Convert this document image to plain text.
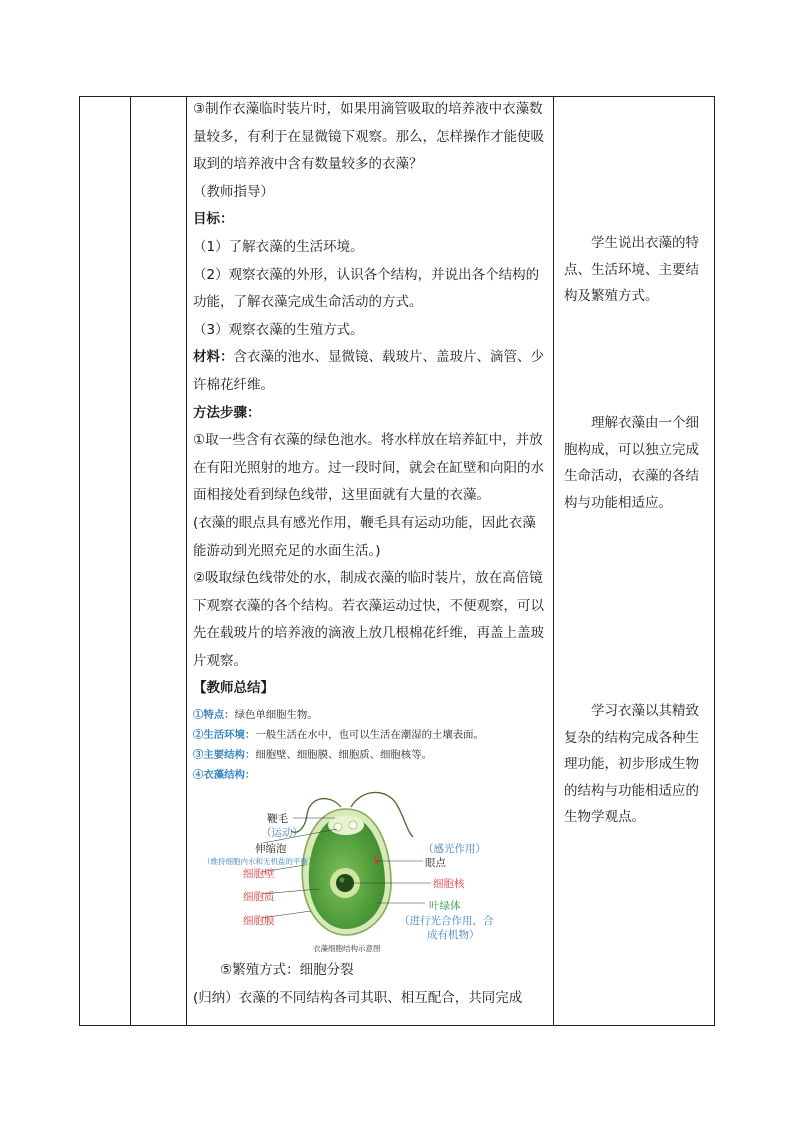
③制作衣藻临时装片时，如果用滴管吸取的培养液中衣藻数量较多，有利于在显微镜下观察。那么，怎样操作才能使吸取到的培养液中含有数量较多的衣藻？

（教师指导）

目标：

（1）了解衣藻的生活环境。

（2）观察衣藻的外形，认识各个结构，并说出各个结构的功能，了解衣藻完成生命活动的方式。

（3）观察衣藻的生殖方式。

材料：含衣藻的池水、显微镜、载玻片、盖玻片、滴管、少许棉花纤维。

方法步骤：

①取一些含有衣藻的绿色池水。将水样放在培养缸中，并放在有阳光照射的地方。过一段时间，就会在缸壁和向阳的水面相接处看到绿色线带，这里面就有大量的衣藻。

(衣藻的眼点具有感光作用，鞭毛具有运动功能，因此衣藻能游动到光照充足的水面生活。)

②吸取绿色线带处的水，制成衣藻的临时装片，放在高倍镜下观察衣藻的各个结构。若衣藻运动过快，不便观察，可以先在载玻片的培养液的滴液上放几根棉花纤维，再盖上盖玻片观察。

【教师总结】

①特点：绿色单细胞生物。
②生活环境：一般生活在水中，也可以生活在潮湿的土壤表面。
③主要结构：细胞壁、细胞膜、细胞质、细胞核等。
④衣藻结构：
鞭毛
（运动）
伸缩泡
（维持细胞内水和无机盐的平衡）
细胞壁
细胞质
细胞膜
（感光作用）
眼点
细胞核
叶绿体
（进行光合作用，合
成有机物）
衣藻细胞结构示意图

⑤繁殖方式：细胞分裂

(归纳）衣藻的不同结构各司其职、相互配合，共同完成

学生说出衣藻的特点、生活环境、主要结构及繁殖方式。

理解衣藻由一个细胞构成，可以独立完成生命活动，衣藻的各结构与功能相适应。

学习衣藻以其精致复杂的结构完成各种生理功能，初步形成生物的结构与功能相适应的生物学观点。
